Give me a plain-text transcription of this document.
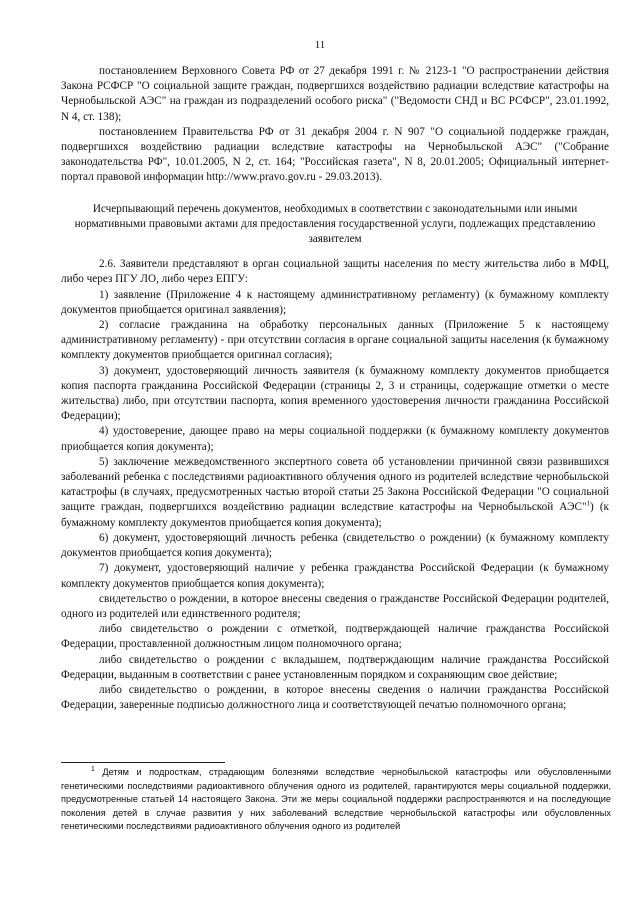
11

постановлением Верховного Совета РФ от 27 декабря 1991 г. № 2123-1 "О распространении действия Закона РСФСР "О социальной защите граждан, подвергшихся воздействию радиации вследствие катастрофы на Чернобыльской АЭС" на граждан из подразделений особого риска" ("Ведомости СНД и ВС РСФСР", 23.01.1992, N 4, ст. 138);

постановлением Правительства РФ от 31 декабря 2004 г. N 907 "О социальной поддержке граждан, подвергшихся воздействию радиации вследствие катастрофы на Чернобыльской АЭС" ("Собрание законодательства РФ", 10.01.2005, N 2, ст. 164; "Российская газета", N 8, 20.01.2005; Официальный интернет-портал правовой информации http://www.pravo.gov.ru - 29.03.2013).

Исчерпывающий перечень документов, необходимых в соответствии с законодательными или иными нормативными правовыми актами для предоставления государственной услуги, подлежащих представлению заявителем

2.6. Заявители представляют в орган социальной защиты населения по месту жительства либо в МФЦ, либо через ПГУ ЛО, либо через ЕПГУ:

1) заявление (Приложение 4 к настоящему административному регламенту) (к бумажному комплекту документов приобщается оригинал заявления);

2) согласие гражданина на обработку персональных данных (Приложение 5 к настоящему административному регламенту) - при отсутствии согласия в органе социальной защиты населения (к бумажному комплекту документов приобщается оригинал согласия);

3) документ, удостоверяющий личность заявителя (к бумажному комплекту документов приобщается копия паспорта гражданина Российской Федерации (страницы 2, 3 и страницы, содержащие отметки о месте жительства) либо, при отсутствии паспорта, копия временного удостоверения личности гражданина Российской Федерации);

4) удостоверение, дающее право на меры социальной поддержки (к бумажному комплекту документов приобщается копия документа);

5) заключение межведомственного экспертного совета об установлении причинной связи развившихся заболеваний ребенка с последствиями радиоактивного облучения одного из родителей вследствие чернобыльской катастрофы (в случаях, предусмотренных частью второй статьи 25 Закона Российской Федерации "О социальной защите граждан, подвергшихся воздействию радиации вследствие катастрофы на Чернобыльской АЭС"$^1$) (к бумажному комплекту документов приобщается копия документа);

6) документ, удостоверяющий личность ребенка (свидетельство о рождении) (к бумажному комплекту документов приобщается копия документа);

7) документ, удостоверяющий наличие у ребенка гражданства Российской Федерации (к бумажному комплекту документов приобщается копия документа);

свидетельство о рождении, в которое внесены сведения о гражданстве Российской Федерации родителей, одного из родителей или единственного родителя;

либо свидетельство о рождении с отметкой, подтверждающей наличие гражданства Российской Федерации, проставленной должностным лицом полномочного органа;

либо свидетельство о рождении с вкладышем, подтверждающим наличие гражданства Российской Федерации, выданным в соответствии с ранее установленным порядком и сохраняющим свое действие;

либо свидетельство о рождении, в которое внесены сведения о наличии гражданства Российской Федерации, заверенные подписью должностного лица и соответствующей печатью полномочного органа;

$^1$ Детям и подросткам, страдающим болезнями вследствие чернобыльской катастрофы или обусловленными генетическими последствиями радиоактивного облучения одного из родителей, гарантируются меры социальной поддержки, предусмотренные статьей 14 настоящего Закона. Эти же меры социальной поддержки распространяются и на последующие поколения детей в случае развития у них заболеваний вследствие чернобыльской катастрофы или обусловленных генетическими последствиями радиоактивного облучения одного из родителей
